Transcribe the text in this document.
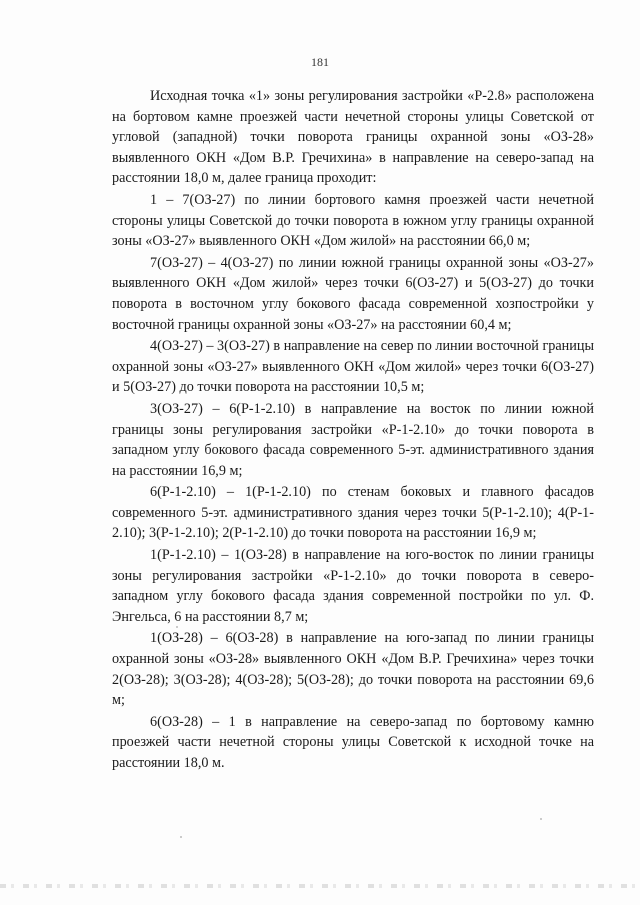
181

Исходная точка «1» зоны регулирования застройки «Р-2.8» расположена на бортовом камне проезжей части нечетной стороны улицы Советской от угловой (западной) точки поворота границы охранной зоны «ОЗ-28» выявленного ОКН «Дом В.Р. Гречихина» в направление на северо-запад на расстоянии 18,0 м, далее граница проходит:

1 – 7(ОЗ-27) по линии бортового камня проезжей части нечетной стороны улицы Советской до точки поворота в южном углу границы охранной зоны «ОЗ-27» выявленного ОКН «Дом жилой» на расстоянии 66,0 м;

7(ОЗ-27) – 4(ОЗ-27) по линии южной границы охранной зоны «ОЗ-27» выявленного ОКН «Дом жилой» через точки 6(ОЗ-27) и 5(ОЗ-27) до точки поворота в восточном углу бокового фасада современной хозпостройки у восточной границы охранной зоны «ОЗ-27» на расстоянии 60,4 м;

4(ОЗ-27) – 3(ОЗ-27) в направление на север по линии восточной границы охранной зоны «ОЗ-27» выявленного ОКН «Дом жилой» через точки 6(ОЗ-27) и 5(ОЗ-27) до точки поворота на расстоянии 10,5 м;

3(ОЗ-27) – 6(Р-1-2.10) в направление на восток по линии южной границы зоны регулирования застройки «Р-1-2.10» до точки поворота в западном углу бокового фасада современного 5-эт. административного здания на расстоянии 16,9 м;

6(Р-1-2.10) – 1(Р-1-2.10) по стенам боковых и главного фасадов современного 5-эт. административного здания через точки 5(Р-1-2.10); 4(Р-1-2.10); 3(Р-1-2.10); 2(Р-1-2.10) до точки поворота на расстоянии 16,9 м;

1(Р-1-2.10) – 1(ОЗ-28) в направление на юго-восток по линии границы зоны регулирования застройки «Р-1-2.10» до точки поворота в северо-западном углу бокового фасада здания современной постройки по ул. Ф. Энгельса, 6 на расстоянии 8,7 м;

1(ОЗ-28) – 6(ОЗ-28) в направление на юго-запад по линии границы охранной зоны «ОЗ-28» выявленного ОКН «Дом В.Р. Гречихина» через точки 2(ОЗ-28); 3(ОЗ-28); 4(ОЗ-28); 5(ОЗ-28); до точки поворота на расстоянии 69,6 м;

6(ОЗ-28) – 1 в направление на северо-запад по бортовому камню проезжей части нечетной стороны улицы Советской к исходной точке на расстоянии 18,0 м.
